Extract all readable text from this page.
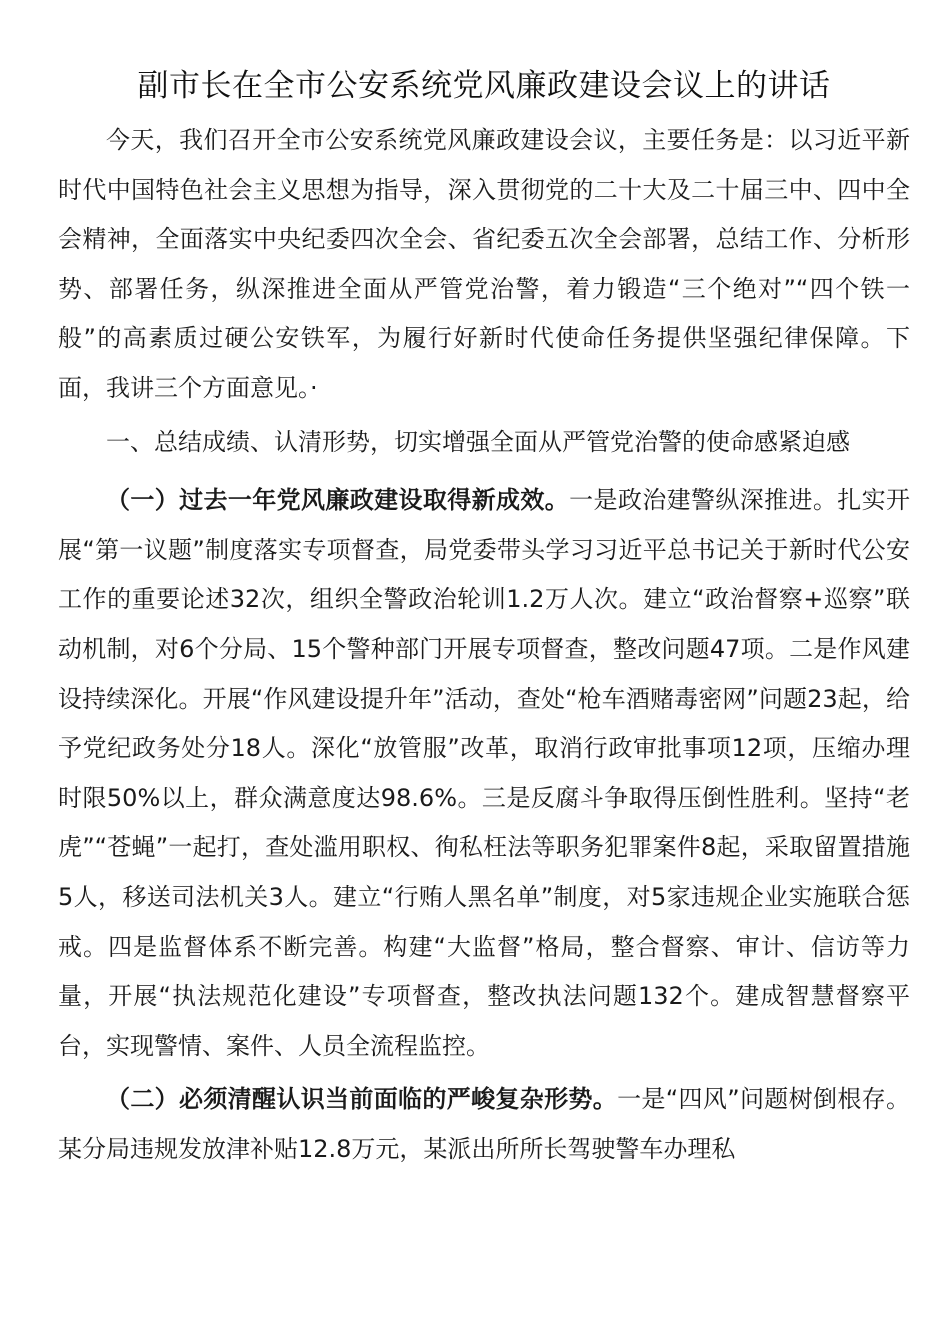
副市长在全市公安系统党风廉政建设会议上的讲话

今天，我们召开全市公安系统党风廉政建设会议，主要任务是：以习近平新时代中国特色社会主义思想为指导，深入贯彻党的二十大及二十届三中、四中全会精神，全面落实中央纪委四次全会、省纪委五次全会部署，总结工作、分析形势、部署任务，纵深推进全面从严管党治警，着力锻造“三个绝对”“四个铁一般”的高素质过硬公安铁军，为履行好新时代使命任务提供坚强纪律保障。下面，我讲三个方面意见。·

一、总结成绩、认清形势，切实增强全面从严管党治警的使命感紧迫感

（一）过去一年党风廉政建设取得新成效。一是政治建警纵深推进。扎实开展“第一议题”制度落实专项督查，局党委带头学习习近平总书记关于新时代公安工作的重要论述32次，组织全警政治轮训1.2万人次。建立“政治督察+巡察”联动机制，对6个分局、15个警种部门开展专项督查，整改问题47项。二是作风建设持续深化。开展“作风建设提升年”活动，查处“枪车酒赌毒密网”问题23起，给予党纪政务处分18人。深化“放管服”改革，取消行政审批事项12项，压缩办理时限50%以上，群众满意度达98.6%。三是反腐斗争取得压倒性胜利。坚持“老虎”“苍蝇”一起打，查处滥用职权、徇私枉法等职务犯罪案件8起，采取留置措施5人，移送司法机关3人。建立“行贿人黑名单”制度，对5家违规企业实施联合惩戒。四是监督体系不断完善。构建“大监督”格局，整合督察、审计、信访等力量，开展“执法规范化建设”专项督查，整改执法问题132个。建成智慧督察平台，实现警情、案件、人员全流程监控。

（二）必须清醒认识当前面临的严峻复杂形势。一是“四风”问题树倒根存。某分局违规发放津补贴12.8万元，某派出所所长驾驶警车办理私
